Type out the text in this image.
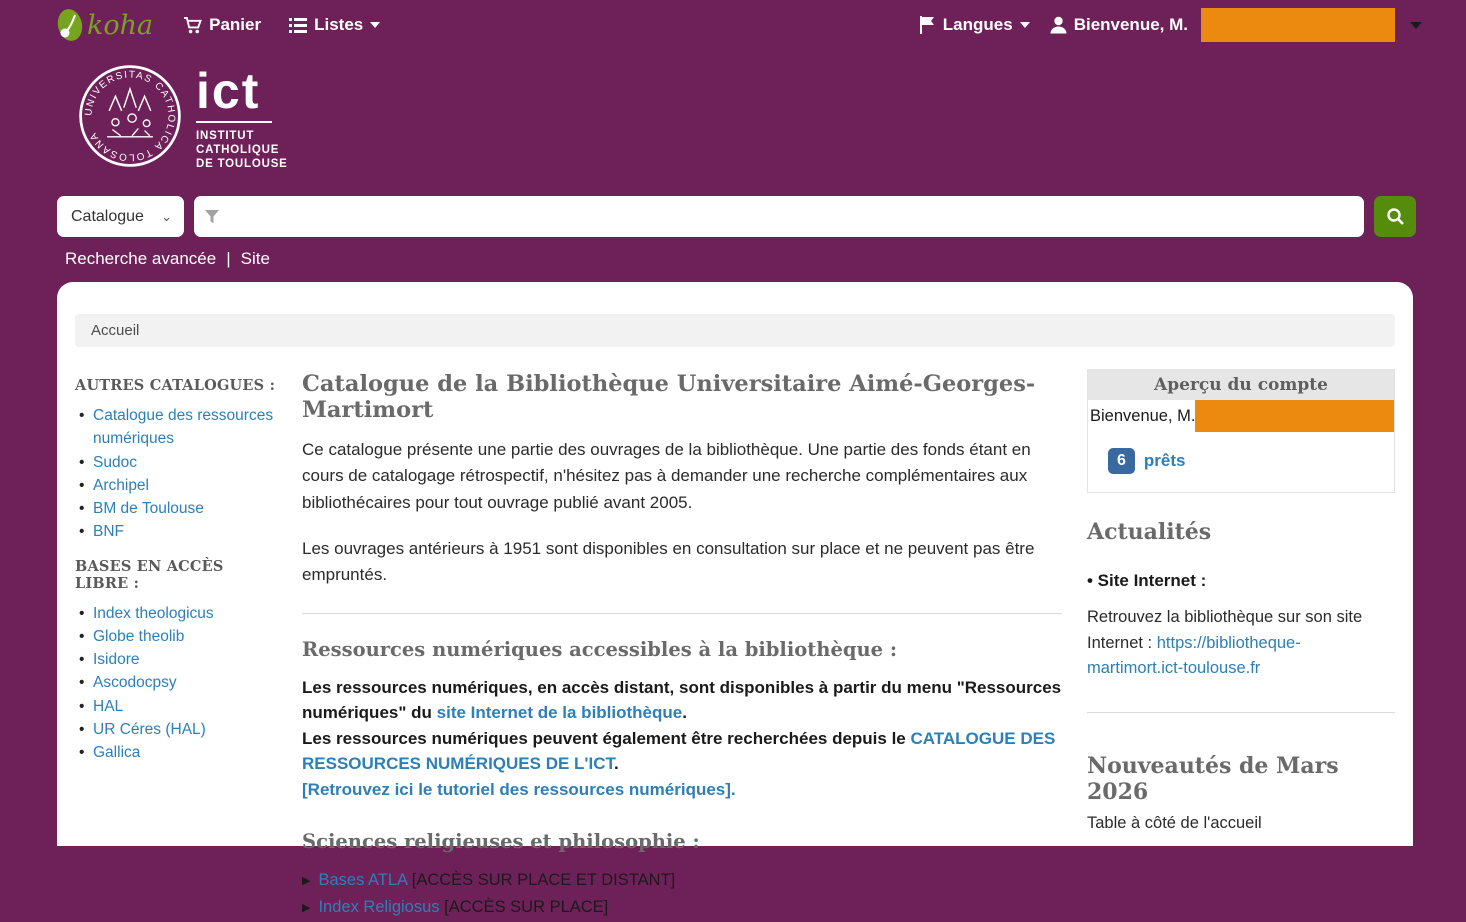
koha	Panier	Listes	Langues	Bienvenue, M.
UNIVERSITAS CATHOLICA TOLOSANA
ict
INSTITUT
CATHOLIQUE
DE TOULOUSE
Catalogue ⌄
Recherche avancée | Site
Accueil
AUTRES CATALOGUES :
• Catalogue des ressources numériques
• Sudoc
• Archipel
• BM de Toulouse
• BNF
BASES EN ACCÈS LIBRE :
• Index theologicus
• Globe theolib
• Isidore
• Ascodocpsy
• HAL
• UR Céres (HAL)
• Gallica
Catalogue de la Bibliothèque Universitaire Aimé-Georges-Martimort

Ce catalogue présente une partie des ouvrages de la bibliothèque. Une partie des fonds étant en cours de catalogage rétrospectif, n'hésitez pas à demander une recherche complémentaires aux bibliothécaires pour tout ouvrage publié avant 2005.

Les ouvrages antérieurs à 1951 sont disponibles en consultation sur place et ne peuvent pas être empruntés.

Ressources numériques accessibles à la bibliothèque :
Les ressources numériques, en accès distant, sont disponibles à partir du menu "Ressources numériques" du site Internet de la bibliothèque.
Les ressources numériques peuvent également être recherchées depuis le CATALOGUE DES RESSOURCES NUMÉRIQUES DE L'ICT.
[Retrouvez ici le tutoriel des ressources numériques].
Sciences religieuses et philosophie :
▶ Bases ATLA [ACCÈS SUR PLACE ET DISTANT]
▶ Index Religiosus [ACCÈS SUR PLACE]
Aperçu du compte
Bienvenue, M.
6	prêts
Actualités
• Site Internet :

Retrouvez la bibliothèque sur son site Internet : https://bibliotheque-martimort.ict-toulouse.fr

Nouveautés de Mars 2026

Table à côté de l'accueil
